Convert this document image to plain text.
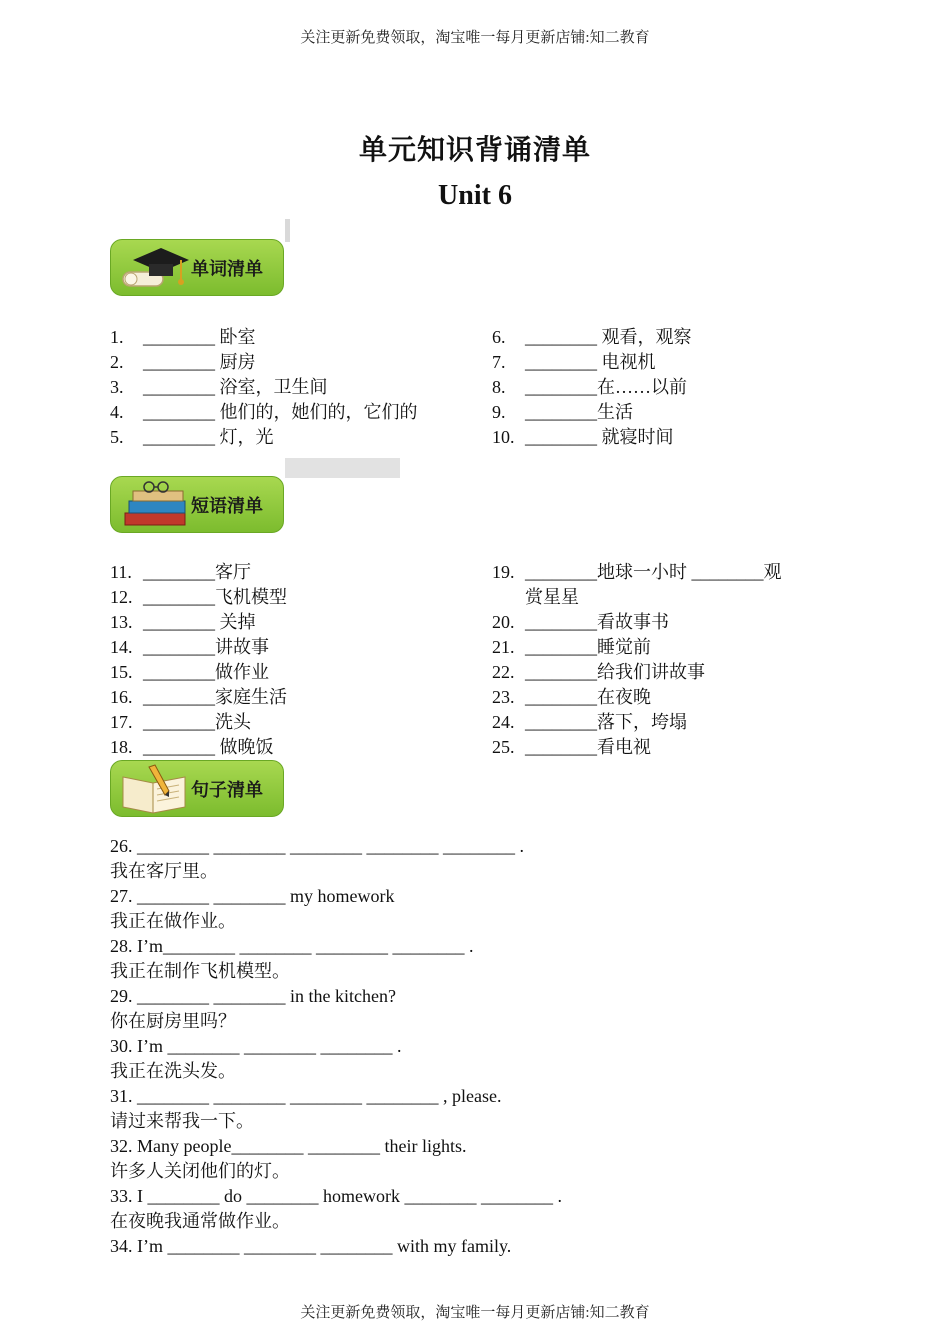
关注更新免费领取，淘宝唯一每月更新店铺:知二教育
单元知识背诵清单
Unit 6
单词清单
1. ________ 卧室
2. ________ 厨房
3. ________ 浴室，卫生间
4. ________ 他们的，她们的，它们的
5. ________ 灯，光
6. ________ 观看，观察
7. ________ 电视机
8. ________在……以前
9. ________生活
10. ________ 就寝时间
短语清单
11. ________客厅
12. ________飞机模型
13. ________ 关掉
14. ________讲故事
15. ________做作业
16. ________家庭生活
17. ________洗头
18. ________ 做晚饭
19. ________地球一小时 ________观
赏星星
20. ________看故事书
21. ________睡觉前
22. ________给我们讲故事
23. ________在夜晚
24. ________落下，垮塌
25. ________看电视
句子清单
26. ________ ________ ________ ________ ________ .
我在客厅里。
27. ________ ________ my homework
我正在做作业。
28. I’m________ ________ ________ ________ .
我正在制作飞机模型。
29. ________ ________ in the kitchen?
你在厨房里吗？
30. I’m ________ ________ ________ .
我正在洗头发。
31. ________ ________ ________ ________ , please.
请过来帮我一下。
32. Many people________ ________ their lights.
许多人关闭他们的灯。
33. I ________ do ________ homework ________ ________ .
在夜晚我通常做作业。
34. I’m ________ ________ ________ with my family.
关注更新免费领取，淘宝唯一每月更新店铺:知二教育
